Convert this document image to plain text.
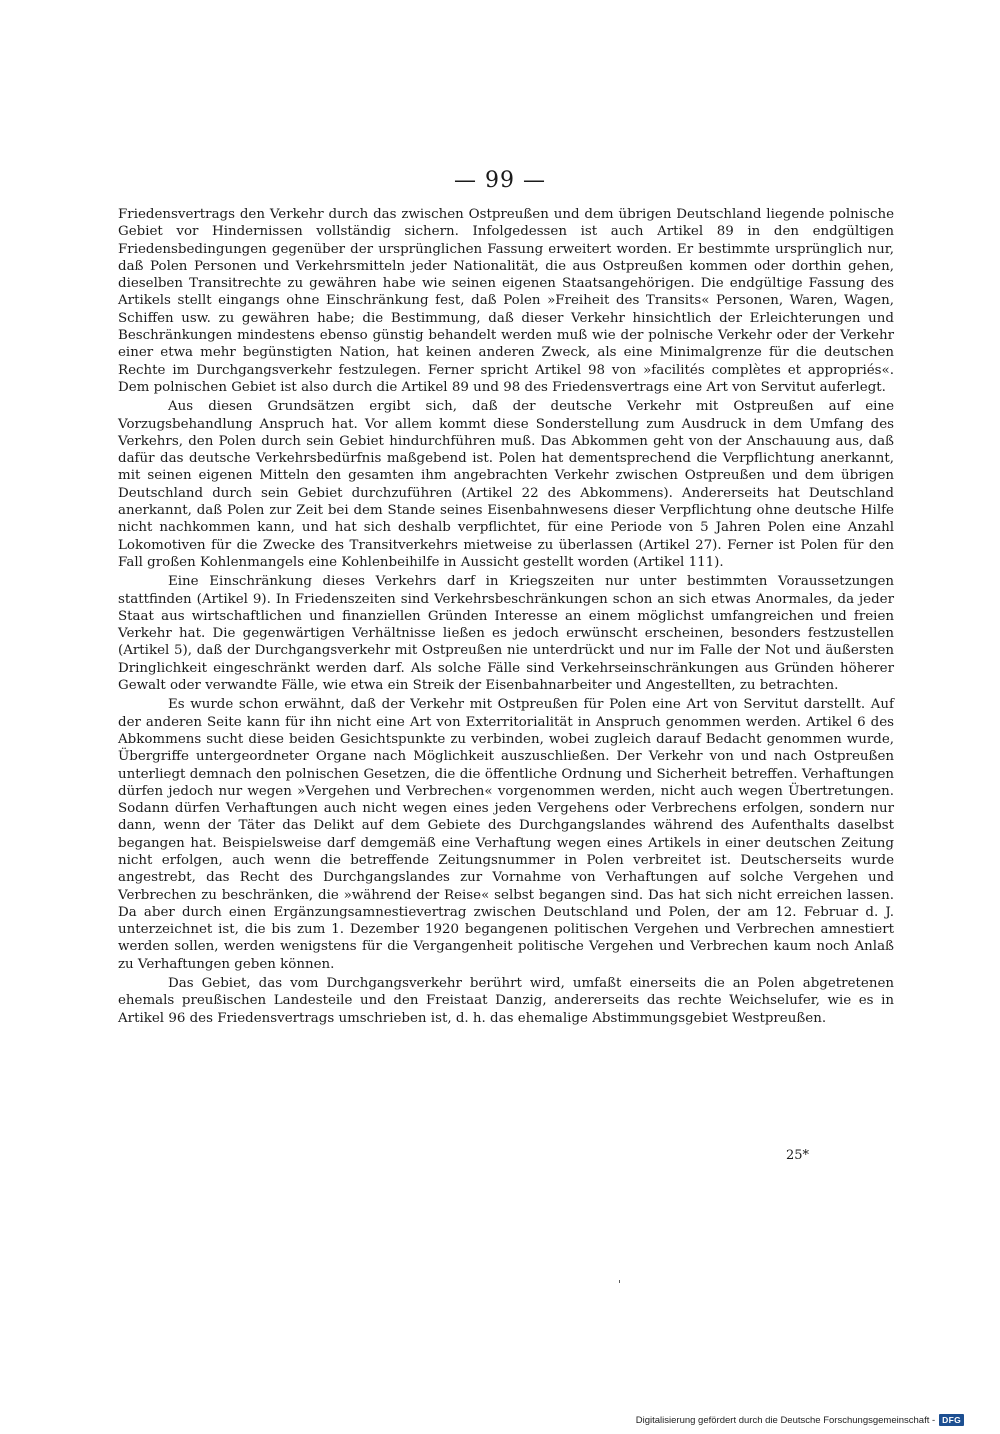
— 99 —

Friedensvertrags den Verkehr durch das zwischen Ostpreußen und dem übrigen Deutschland liegende polnische Gebiet vor Hindernissen vollständig sichern. Infolgedessen ist auch Artikel 89 in den endgültigen Friedensbedingungen gegenüber der ursprünglichen Fassung erweitert worden. Er bestimmte ursprünglich nur, daß Polen Personen und Verkehrsmitteln jeder Nationalität, die aus Ostpreußen kommen oder dorthin gehen, dieselben Transitrechte zu gewähren habe wie seinen eigenen Staatsangehörigen. Die endgültige Fassung des Artikels stellt eingangs ohne Einschränkung fest, daß Polen »Freiheit des Transits« Personen, Waren, Wagen, Schiffen usw. zu gewähren habe; die Bestimmung, daß dieser Verkehr hinsichtlich der Erleichterungen und Beschränkungen mindestens ebenso günstig behandelt werden muß wie der polnische Verkehr oder der Verkehr einer etwa mehr begünstigten Nation, hat keinen anderen Zweck, als eine Minimalgrenze für die deutschen Rechte im Durchgangsverkehr festzulegen. Ferner spricht Artikel 98 von »facilités complètes et appropriés«. Dem polnischen Gebiet ist also durch die Artikel 89 und 98 des Friedensvertrags eine Art von Servitut auferlegt.

Aus diesen Grundsätzen ergibt sich, daß der deutsche Verkehr mit Ostpreußen auf eine Vorzugsbehandlung Anspruch hat. Vor allem kommt diese Sonderstellung zum Ausdruck in dem Umfang des Verkehrs, den Polen durch sein Gebiet hindurchführen muß. Das Abkommen geht von der Anschauung aus, daß dafür das deutsche Verkehrsbedürfnis maßgebend ist. Polen hat dementsprechend die Verpflichtung anerkannt, mit seinen eigenen Mitteln den gesamten ihm angebrachten Verkehr zwischen Ostpreußen und dem übrigen Deutschland durch sein Gebiet durchzuführen (Artikel 22 des Abkommens). Andererseits hat Deutschland anerkannt, daß Polen zur Zeit bei dem Stande seines Eisenbahnwesens dieser Verpflichtung ohne deutsche Hilfe nicht nachkommen kann, und hat sich deshalb verpflichtet, für eine Periode von 5 Jahren Polen eine Anzahl Lokomotiven für die Zwecke des Transitverkehrs mietweise zu überlassen (Artikel 27). Ferner ist Polen für den Fall großen Kohlenmangels eine Kohlenbeihilfe in Aussicht gestellt worden (Artikel 111).

Eine Einschränkung dieses Verkehrs darf in Kriegszeiten nur unter bestimmten Voraussetzungen stattfinden (Artikel 9). In Friedenszeiten sind Verkehrsbeschränkungen schon an sich etwas Anormales, da jeder Staat aus wirtschaftlichen und finanziellen Gründen Interesse an einem möglichst umfangreichen und freien Verkehr hat. Die gegenwärtigen Verhältnisse ließen es jedoch erwünscht erscheinen, besonders festzustellen (Artikel 5), daß der Durchgangsverkehr mit Ostpreußen nie unterdrückt und nur im Falle der Not und äußersten Dringlichkeit eingeschränkt werden darf. Als solche Fälle sind Verkehrseinschränkungen aus Gründen höherer Gewalt oder verwandte Fälle, wie etwa ein Streik der Eisenbahnarbeiter und Angestellten, zu betrachten.

Es wurde schon erwähnt, daß der Verkehr mit Ostpreußen für Polen eine Art von Servitut darstellt. Auf der anderen Seite kann für ihn nicht eine Art von Exterritorialität in Anspruch genommen werden. Artikel 6 des Abkommens sucht diese beiden Gesichtspunkte zu verbinden, wobei zugleich darauf Bedacht genommen wurde, Übergriffe untergeordneter Organe nach Möglichkeit auszuschließen. Der Verkehr von und nach Ostpreußen unterliegt demnach den polnischen Gesetzen, die die öffentliche Ordnung und Sicherheit betreffen. Verhaftungen dürfen jedoch nur wegen »Vergehen und Verbrechen« vorgenommen werden, nicht auch wegen Übertretungen. Sodann dürfen Verhaftungen auch nicht wegen eines jeden Vergehens oder Verbrechens erfolgen, sondern nur dann, wenn der Täter das Delikt auf dem Gebiete des Durchgangslandes während des Aufenthalts daselbst begangen hat. Beispielsweise darf demgemäß eine Verhaftung wegen eines Artikels in einer deutschen Zeitung nicht erfolgen, auch wenn die betreffende Zeitungsnummer in Polen verbreitet ist. Deutscherseits wurde angestrebt, das Recht des Durchgangslandes zur Vornahme von Verhaftungen auf solche Vergehen und Verbrechen zu beschränken, die »während der Reise« selbst begangen sind. Das hat sich nicht erreichen lassen. Da aber durch einen Ergänzungsamnestievertrag zwischen Deutschland und Polen, der am 12. Februar d. J. unterzeichnet ist, die bis zum 1. Dezember 1920 begangenen politischen Vergehen und Verbrechen amnestiert werden sollen, werden wenigstens für die Vergangenheit politische Vergehen und Verbrechen kaum noch Anlaß zu Verhaftungen geben können.

Das Gebiet, das vom Durchgangsverkehr berührt wird, umfaßt einerseits die an Polen abgetretenen ehemals preußischen Landesteile und den Freistaat Danzig, andererseits das rechte Weichselufer, wie es in Artikel 96 des Friedensvertrags umschrieben ist, d. h. das ehemalige Abstimmungsgebiet Westpreußen.

25*
'
Digitalisierung gefördert durch die Deutsche Forschungsgemeinschaft - DFG
